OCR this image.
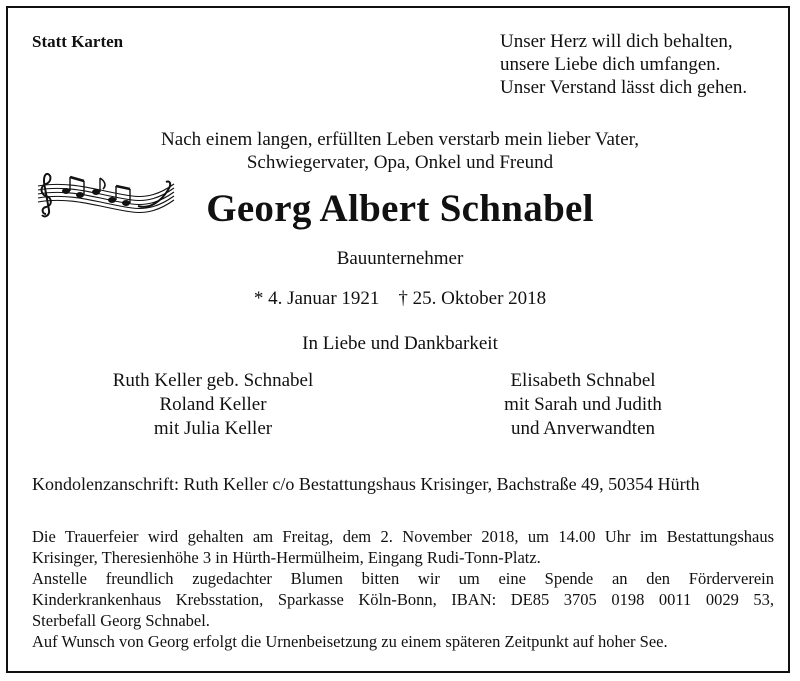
Statt Karten	Unser Herz will dich behalten,
unsere Liebe dich umfangen.
Unser Verstand lässt dich gehen.
Nach einem langen, erfüllten Leben verstarb mein lieber Vater,
Schwiegervater, Opa, Onkel und Freund
Georg Albert Schnabel
Bauunternehmer
* 4. Januar 1921    † 25. Oktober 2018
In Liebe und Dankbarkeit
Ruth Keller geb. Schnabel
Roland Keller
mit Julia Keller
Elisabeth Schnabel
mit Sarah und Judith
und Anverwandten
Kondolenzanschrift: Ruth Keller c/o Bestattungshaus Krisinger, Bachstraße 49, 50354 Hürth
Die Trauerfeier wird gehalten am Freitag, dem 2. November 2018, um 14.00 Uhr im Bestattungshaus
Krisinger, Theresienhöhe 3 in Hürth-Hermülheim, Eingang Rudi-Tonn-Platz.
Anstelle freundlich zugedachter Blumen bitten wir um eine Spende an den Förderverein
Kinderkrankenhaus Krebsstation, Sparkasse Köln-Bonn, IBAN: DE85 3705 0198 0011 0029 53,
Sterbefall Georg Schnabel.
Auf Wunsch von Georg erfolgt die Urnenbeisetzung zu einem späteren Zeitpunkt auf hoher See.
